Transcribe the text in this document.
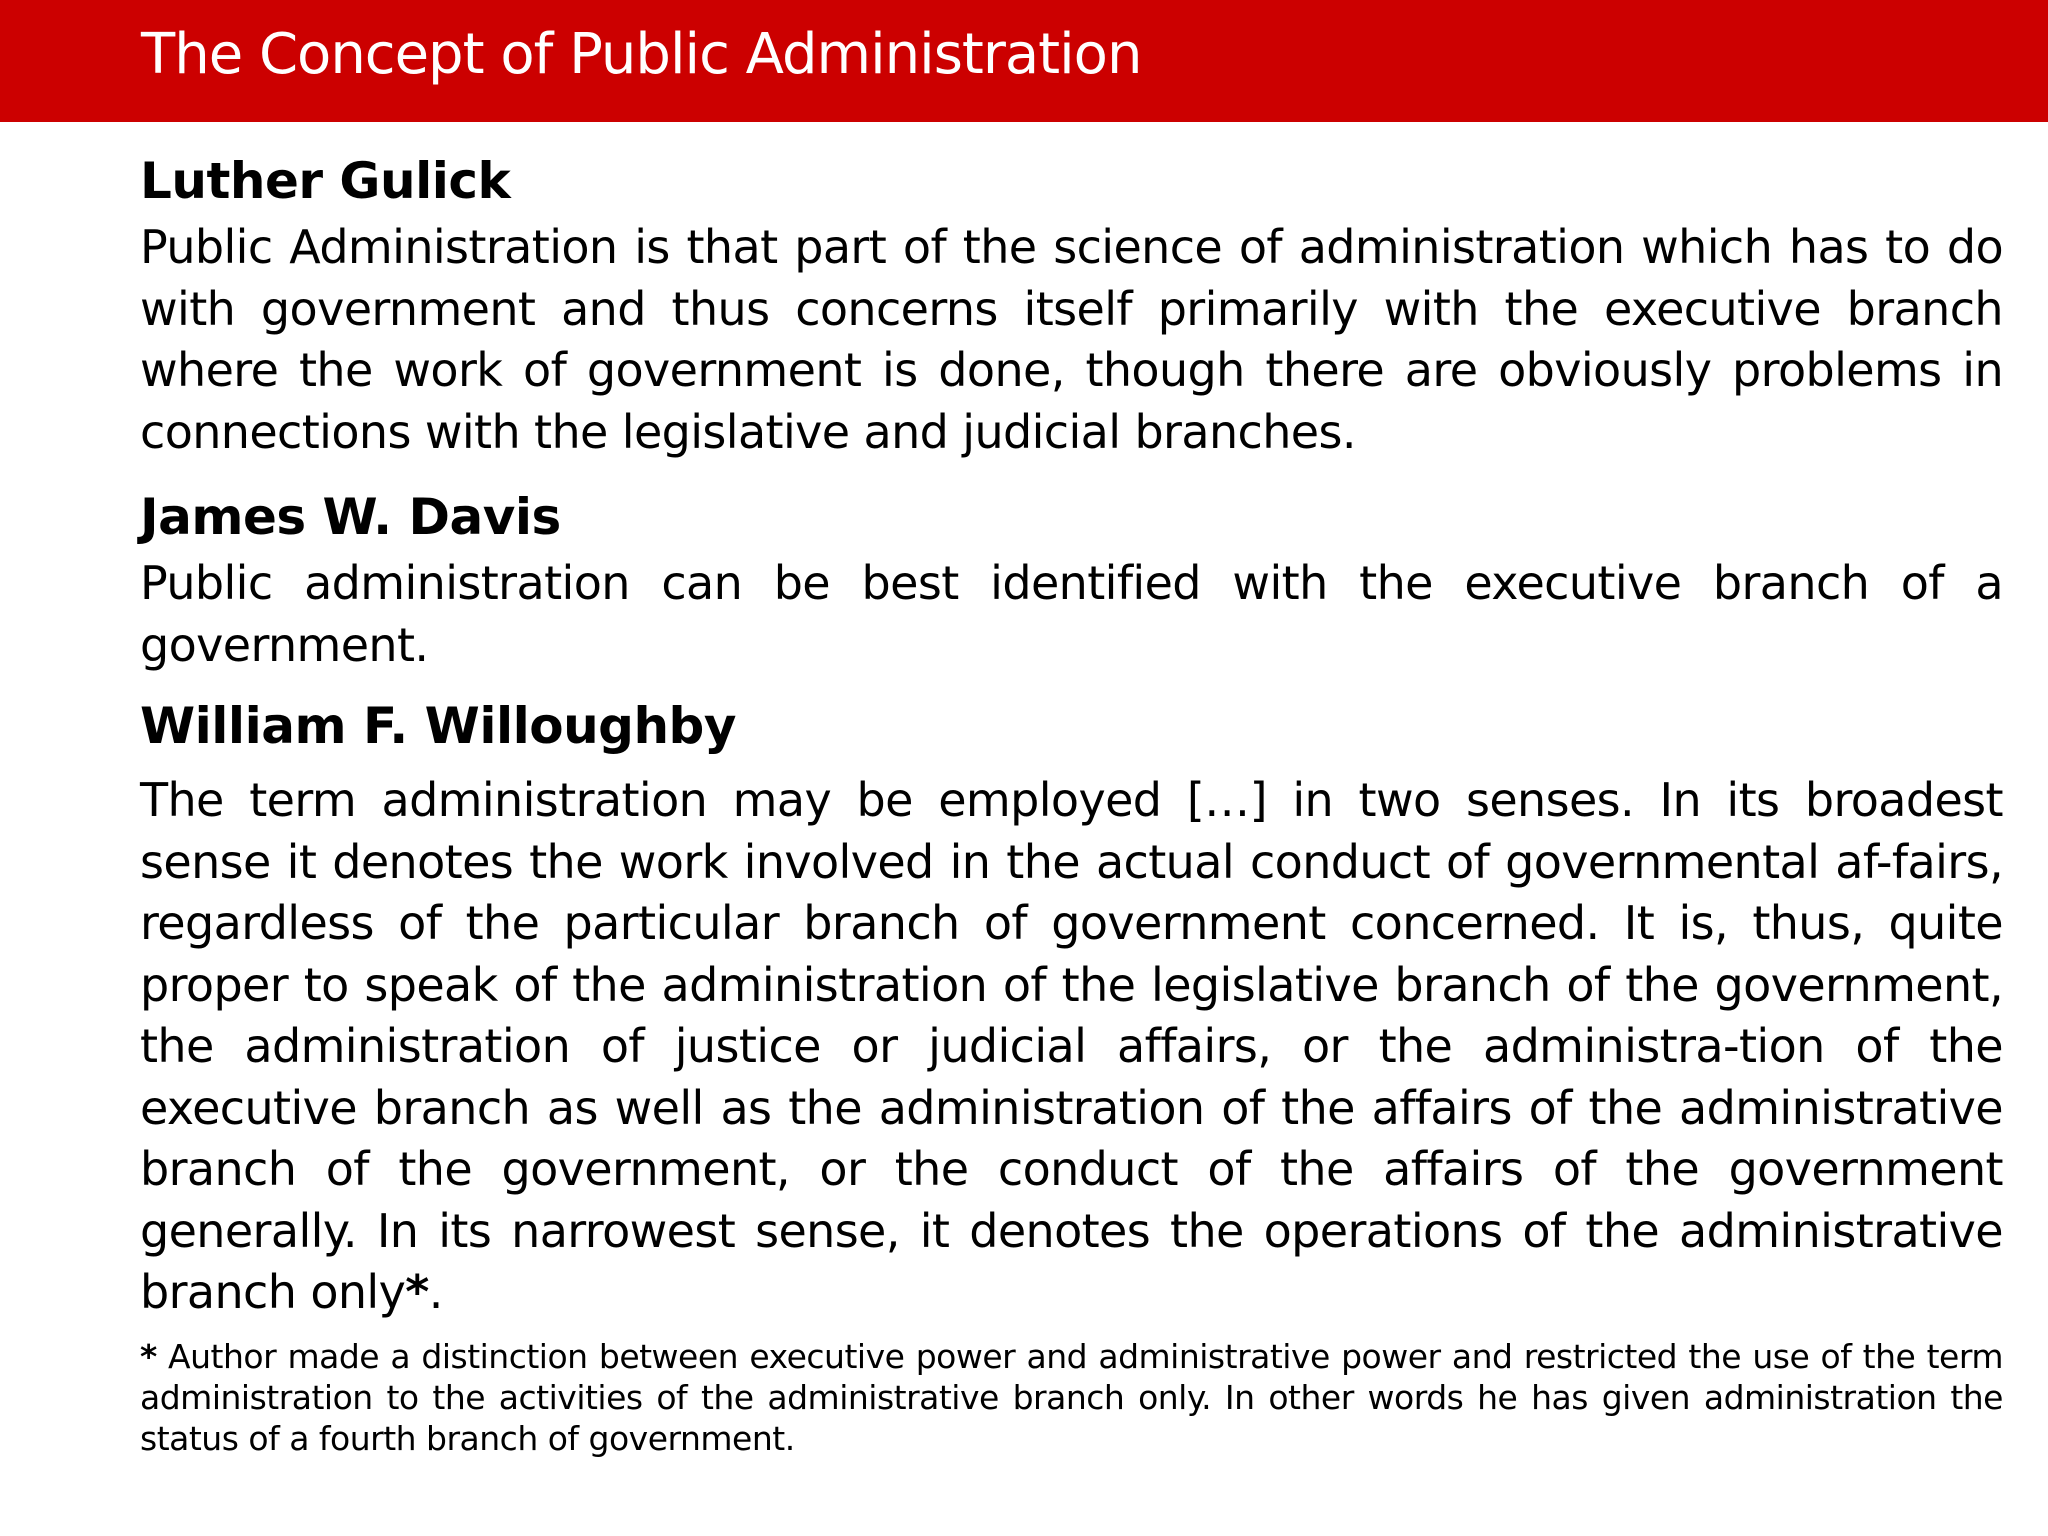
The Concept of Public Administration
Luther Gulick

Public Administration is that part of the science of administration which has to do with government and thus concerns itself primarily with the executive branch where the work of government is done, though there are obviously problems in connections with the legislative and judicial branches.

James W. Davis

Public administration can be best identified with the executive branch of a government.

William F. Willoughby

The term administration may be employed […] in two senses. In its broadest sense it denotes the work involved in the actual conduct of governmental af-fairs, regardless of the particular branch of government concerned. It is, thus, quite proper to speak of the administration of the legislative branch of the government, the administration of justice or judicial affairs, or the administra-tion of the executive branch as well as the administration of the affairs of the administrative branch of the government, or the conduct of the affairs of the government generally. In its narrowest sense, it denotes the operations of the administrative branch only*.

* Author made a distinction between executive power and administrative power and restricted the use of the term administration to the activities of the administrative branch only. In other words he has given administration the status of a fourth branch of government.
